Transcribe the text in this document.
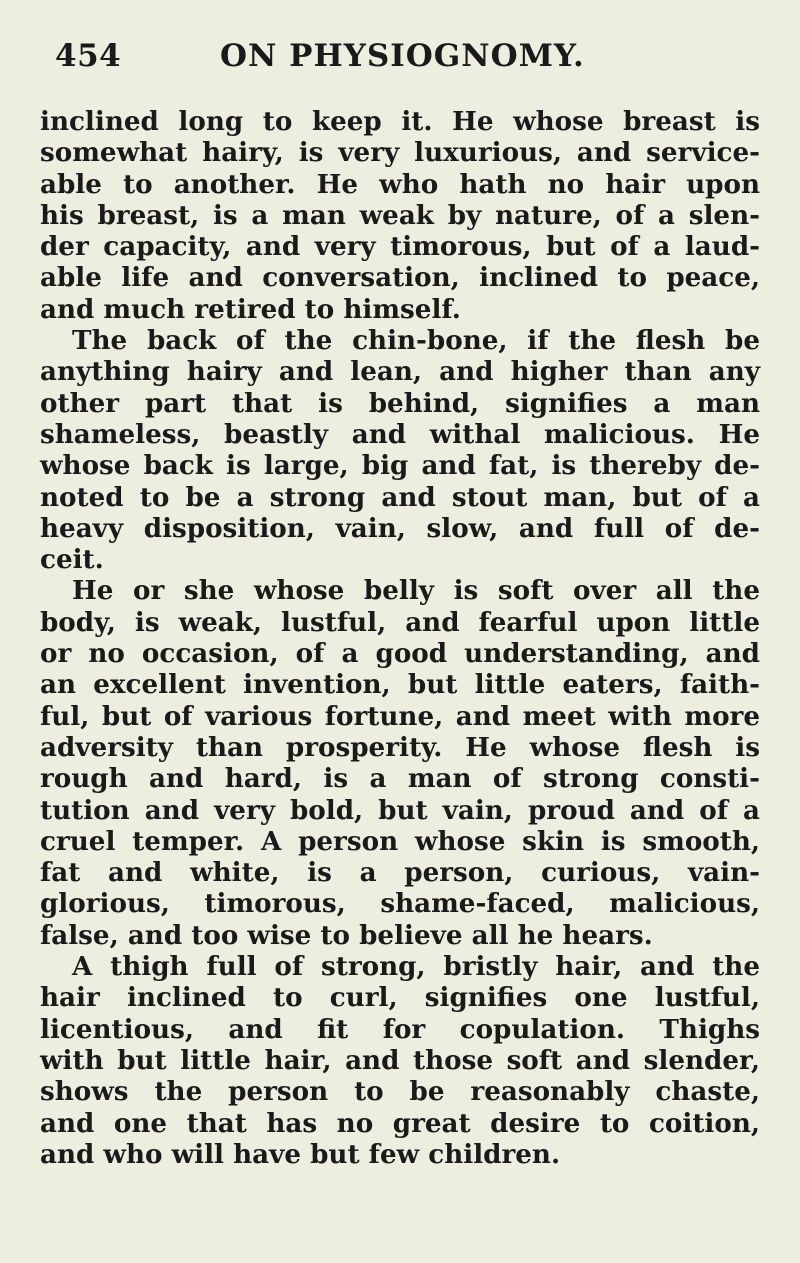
454	ON PHYSIOGNOMY.
inclined long to keep it. He whose breast is
somewhat hairy, is very luxurious, and service-
able to another. He who hath no hair upon
his breast, is a man weak by nature, of a slen-
der capacity, and very timorous, but of a laud-
able life and conversation, inclined to peace,
and much retired to himself.
The back of the chin-bone, if the flesh be
anything hairy and lean, and higher than any
other part that is behind, signifies a man
shameless, beastly and withal malicious. He
whose back is large, big and fat, is thereby de-
noted to be a strong and stout man, but of a
heavy disposition, vain, slow, and full of de-
ceit.
He or she whose belly is soft over all the
body, is weak, lustful, and fearful upon little
or no occasion, of a good understanding, and
an excellent invention, but little eaters, faith-
ful, but of various fortune, and meet with more
adversity than prosperity. He whose flesh is
rough and hard, is a man of strong consti-
tution and very bold, but vain, proud and of a
cruel temper. A person whose skin is smooth,
fat and white, is a person, curious, vain-
glorious, timorous, shame-faced, malicious,
false, and too wise to believe all he hears.
A thigh full of strong, bristly hair, and the
hair inclined to curl, signifies one lustful,
licentious, and fit for copulation. Thighs
with but little hair, and those soft and slender,
shows the person to be reasonably chaste,
and one that has no great desire to coition,
and who will have but few children.
